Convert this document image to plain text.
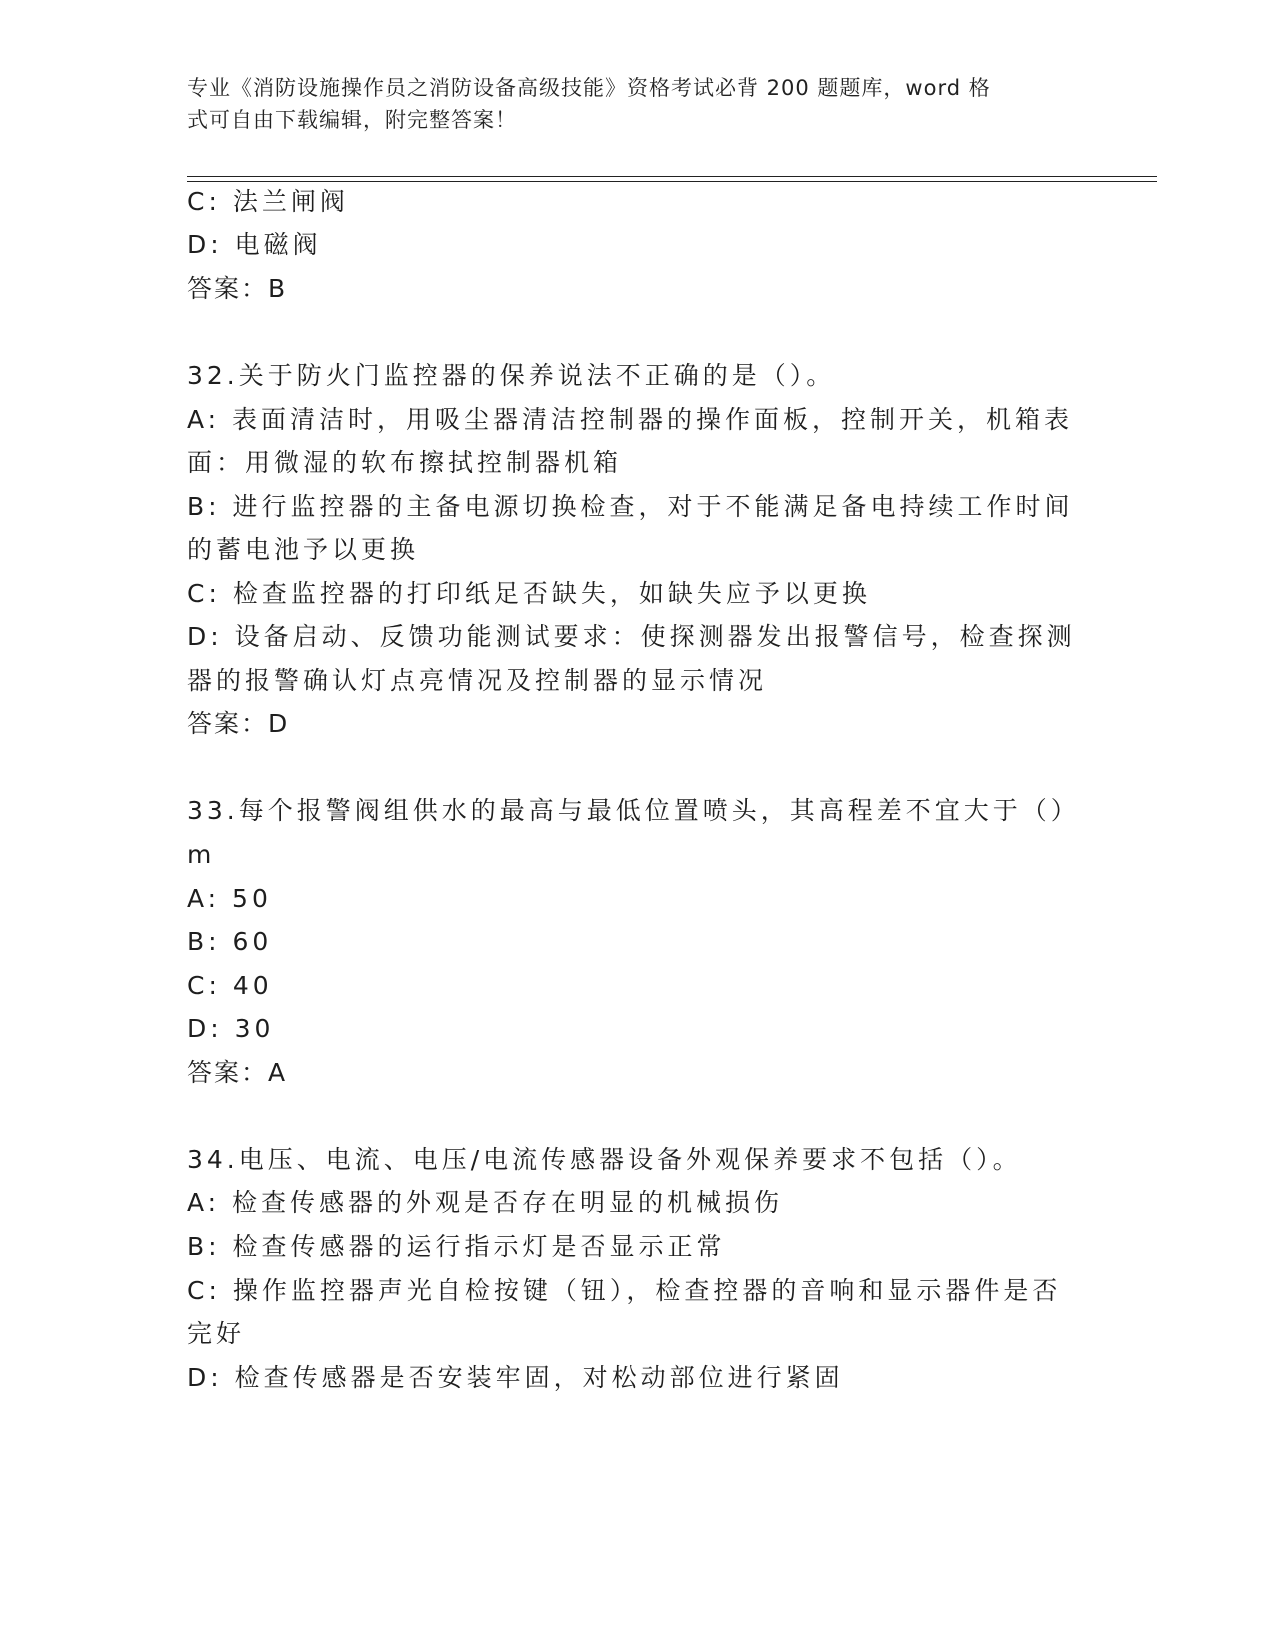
专业《消防设施操作员之消防设备高级技能》资格考试必背 200 题题库，word 格
式可自由下载编辑，附完整答案！
C: 法兰闸阀
D: 电磁阀
答案：B
32.关于防火门监控器的保养说法不正确的是（）。
A: 表面清洁时，用吸尘器清洁控制器的操作面板，控制开关，机箱表
面：用微湿的软布擦拭控制器机箱
B: 进行监控器的主备电源切换检查，对于不能满足备电持续工作时间
的蓄电池予以更换
C: 检查监控器的打印纸足否缺失，如缺失应予以更换
D: 设备启动、反馈功能测试要求：使探测器发出报警信号，检查探测
器的报警确认灯点亮情况及控制器的显示情况
答案：D
33.每个报警阀组供水的最高与最低位置喷头，其高程差不宜大于（）
m
A: 50
B: 60
C: 40
D: 30
答案：A
34.电压、电流、电压/电流传感器设备外观保养要求不包括（）。
A: 检查传感器的外观是否存在明显的机械损伤
B: 检查传感器的运行指示灯是否显示正常
C: 操作监控器声光自检按键（钮），检查控器的音响和显示器件是否
完好
D: 检查传感器是否安装牢固，对松动部位进行紧固
